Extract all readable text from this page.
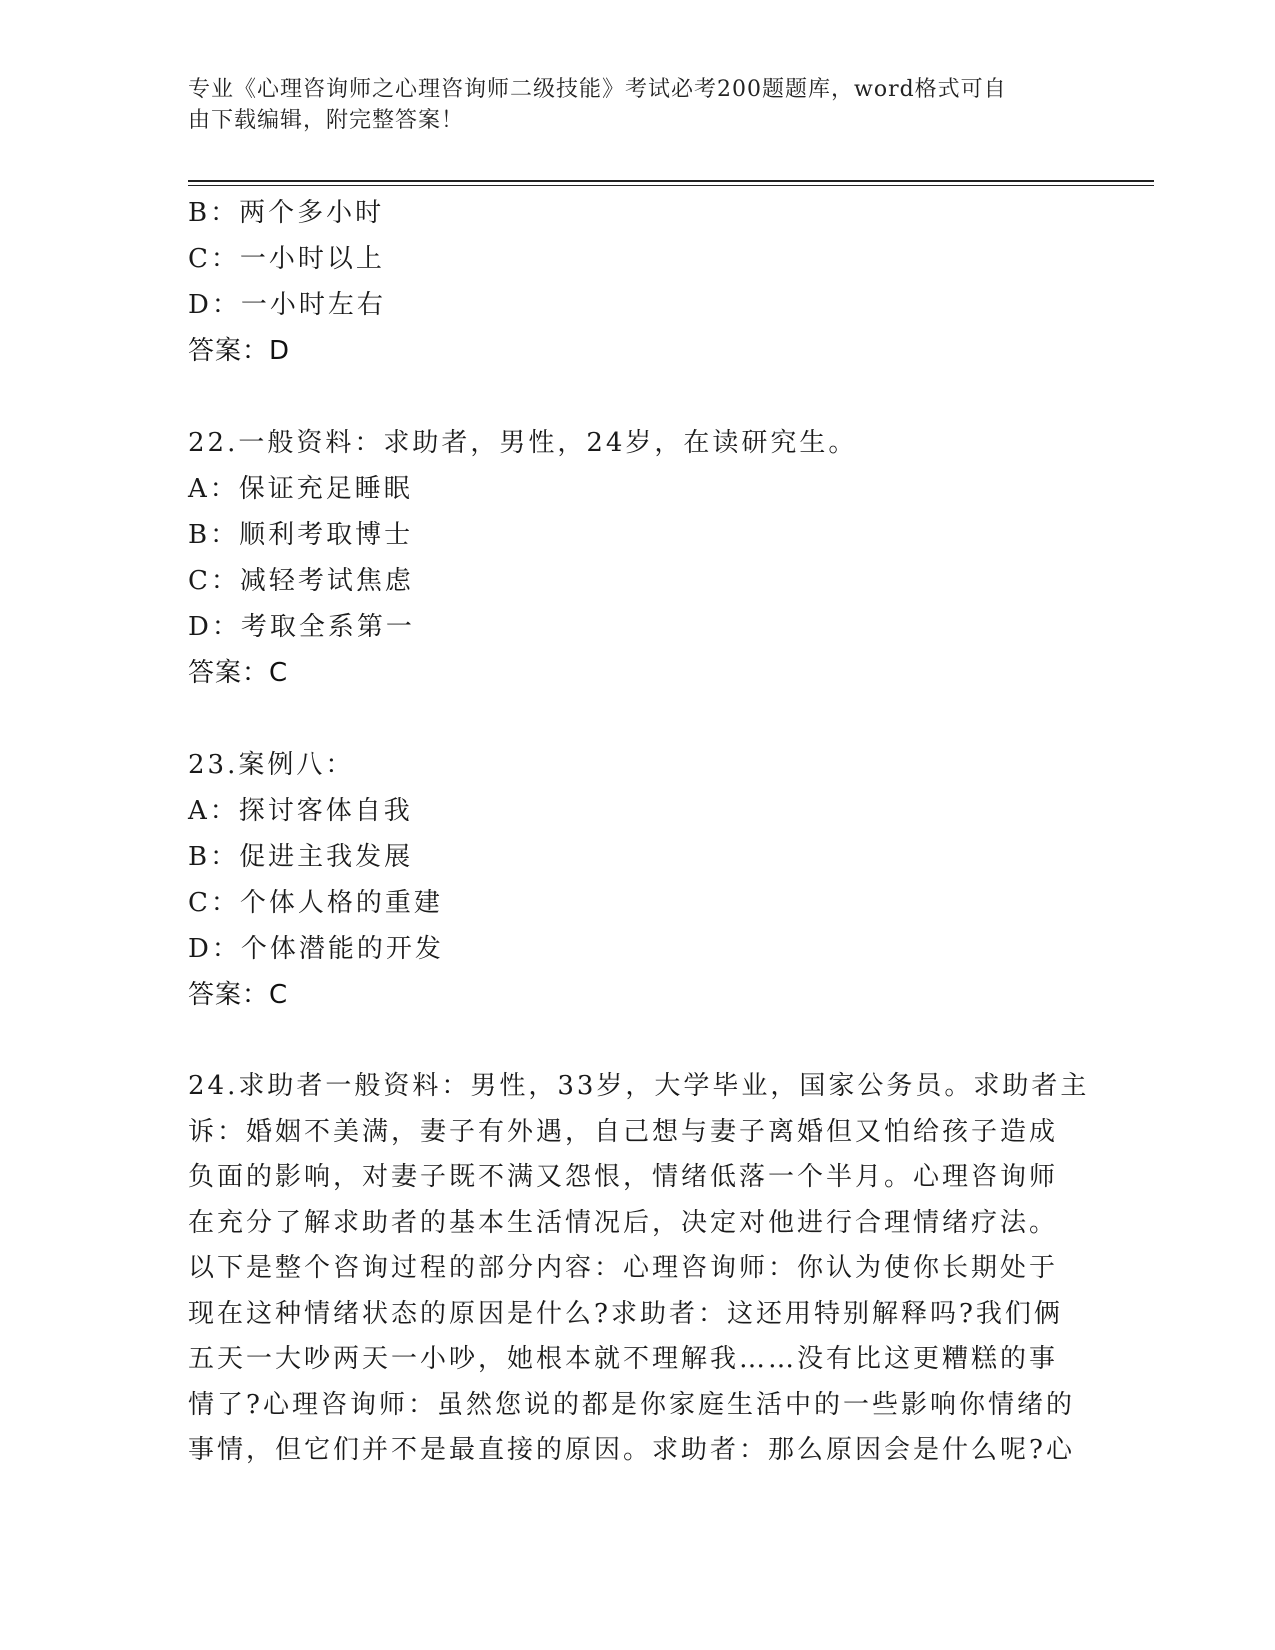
专业《心理咨询师之心理咨询师二级技能》考试必考200题题库，word格式可自
由下载编辑，附完整答案！
B：两个多小时
C：一小时以上
D：一小时左右
答案：D
22.一般资料：求助者，男性，24岁，在读研究生。
A：保证充足睡眠
B：顺利考取博士
C：减轻考试焦虑
D：考取全系第一
答案：C
23.案例八：
A：探讨客体自我
B：促进主我发展
C：个体人格的重建
D：个体潜能的开发
答案：C
24.求助者一般资料：男性，33岁，大学毕业，国家公务员。求助者主
诉：婚姻不美满，妻子有外遇，自己想与妻子离婚但又怕给孩子造成
负面的影响，对妻子既不满又怨恨，情绪低落一个半月。心理咨询师
在充分了解求助者的基本生活情况后，决定对他进行合理情绪疗法。
以下是整个咨询过程的部分内容：心理咨询师：你认为使你长期处于
现在这种情绪状态的原因是什么?求助者：这还用特别解释吗?我们俩
五天一大吵两天一小吵，她根本就不理解我……没有比这更糟糕的事
情了?心理咨询师：虽然您说的都是你家庭生活中的一些影响你情绪的
事情，但它们并不是最直接的原因。求助者：那么原因会是什么呢?心
